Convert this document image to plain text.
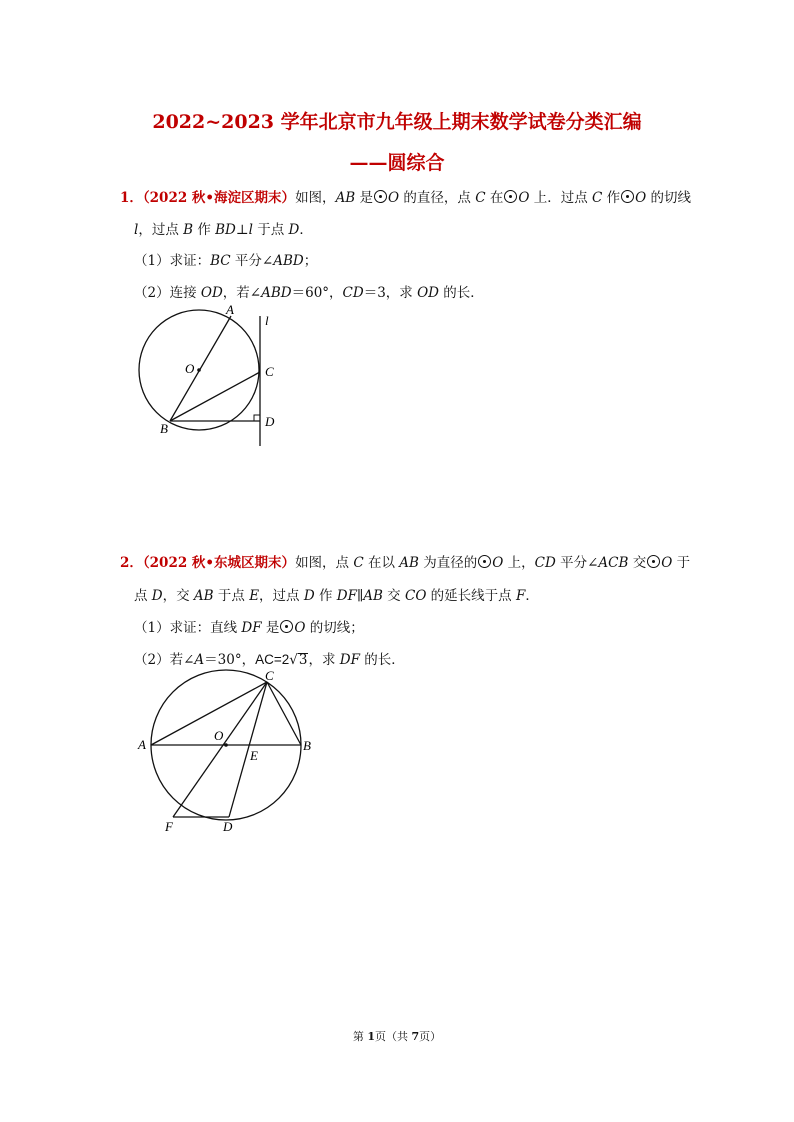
2022~2023 学年北京市九年级上期末数学试卷分类汇编
——圆综合
1．（2022 秋•海淀区期末）如图，AB 是 O 的直径，点 C 在 O 上．过点 C 作 O 的切线
l，过点 B 作 BD⊥l 于点 D．
（1）求证：BC 平分∠ABD；
（2）连接 OD，若∠ABD＝60°，CD＝3，求 OD 的长．
A
O	C
B	D
l
2．（2022 秋•东城区期末）如图，点 C 在以 AB 为直径的 O 上，CD 平分∠ACB 交 O 于
点 D，交 AB 于点 E，过点 D 作 DF∥AB 交 CO 的延长线于点 F．
（1）求证：直线 DF 是 O 的切线；
（2）若∠A＝30°，AC=2√3，求 DF 的长．
C
A
O
E
B
F	D
第 1页（共 7页）
